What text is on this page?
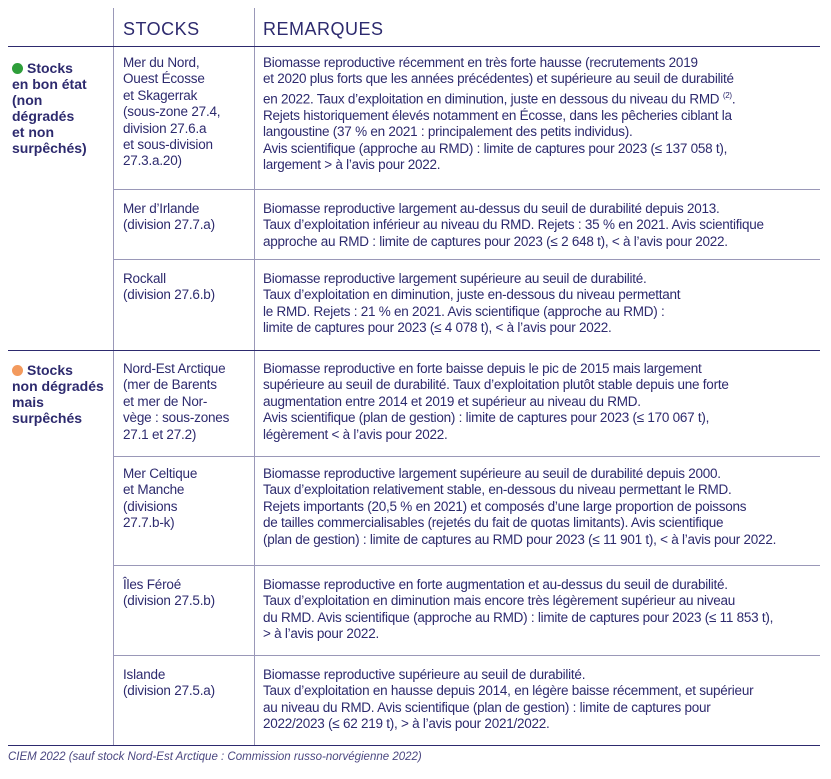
STOCKS	REMARQUES
Stocks
en bon état
(non
dégradés
et non
surpêchés)
Stocks
non dégradés
mais
surpêchés
Mer du Nord,
Ouest Écosse
et Skagerrak
(sous-zone 27.4,
division 27.6.a
et sous-division
27.3.a.20)
Biomasse reproductive récemment en très forte hausse (recrutements 2019
et 2020 plus forts que les années précédentes) et supérieure au seuil de durabilité
en 2022. Taux d’exploitation en diminution, juste en dessous du niveau du RMD $^{(2)}$.
Rejets historiquement élevés notamment en Écosse, dans les pêcheries ciblant la
langoustine (37 % en 2021 : principalement des petits individus).
Avis scientifique (approche au RMD) : limite de captures pour 2023 (≤ 137 058 t),
largement > à l’avis pour 2022.
Mer d’Irlande
(division 27.7.a)
Biomasse reproductive largement au-dessus du seuil de durabilité depuis 2013.
Taux d’exploitation inférieur au niveau du RMD. Rejets : 35 % en 2021. Avis scientifique
approche au RMD : limite de captures pour 2023 (≤ 2 648 t), < à l’avis pour 2022.
Rockall
(division 27.6.b)
Biomasse reproductive largement supérieure au seuil de durabilité.
Taux d’exploitation en diminution, juste en-dessous du niveau permettant
le RMD. Rejets : 21 % en 2021. Avis scientifique (approche au RMD) :
limite de captures pour 2023 (≤ 4 078 t), < à l’avis pour 2022.
Nord-Est Arctique
(mer de Barents
et mer de Nor-
vège : sous-zones
27.1 et 27.2)
Biomasse reproductive en forte baisse depuis le pic de 2015 mais largement
supérieure au seuil de durabilité. Taux d’exploitation plutôt stable depuis une forte
augmentation entre 2014 et 2019 et supérieur au niveau du RMD.
Avis scientifique (plan de gestion) : limite de captures pour 2023 (≤ 170 067 t),
légèrement < à l’avis pour 2022.
Mer Celtique
et Manche
(divisions
27.7.b-k)
Biomasse reproductive largement supérieure au seuil de durabilité depuis 2000.
Taux d’exploitation relativement stable, en-dessous du niveau permettant le RMD.
Rejets importants (20,5 % en 2021) et composés d’une large proportion de poissons
de tailles commercialisables (rejetés du fait de quotas limitants). Avis scientifique
(plan de gestion) : limite de captures au RMD pour 2023 (≤ 11 901 t), < à l’avis pour 2022.
Îles Féroé
(division 27.5.b)
Biomasse reproductive en forte augmentation et au-dessus du seuil de durabilité.
Taux d’exploitation en diminution mais encore très légèrement supérieur au niveau
du RMD. Avis scientifique (approche au RMD) : limite de captures pour 2023 (≤ 11 853 t),
> à l’avis pour 2022.
Islande
(division 27.5.a)
Biomasse reproductive supérieure au seuil de durabilité.
Taux d’exploitation en hausse depuis 2014, en légère baisse récemment, et supérieur
au niveau du RMD. Avis scientifique (plan de gestion) : limite de captures pour
2022/2023 (≤ 62 219 t), > à l’avis pour 2021/2022.
CIEM 2022 (sauf stock Nord-Est Arctique : Commission russo-norvégienne 2022)
